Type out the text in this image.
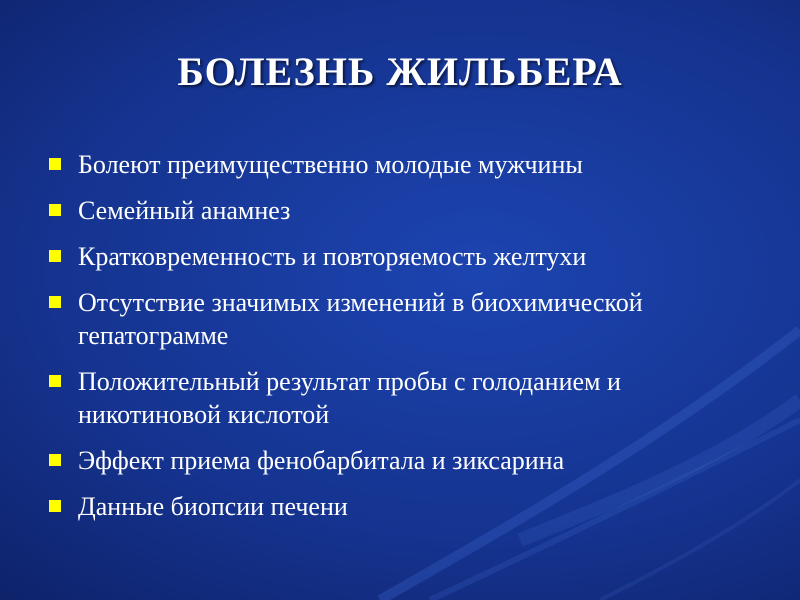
БОЛЕЗНЬ ЖИЛЬБЕРА
Болеют преимущественно молодые мужчины
Семейный анамнез
Кратковременность и повторяемость желтухи
Отсутствие значимых изменений в биохимической гепатограмме
Положительный результат пробы с голоданием и никотиновой кислотой
Эффект приема фенобарбитала и зиксарина
Данные биопсии печени
